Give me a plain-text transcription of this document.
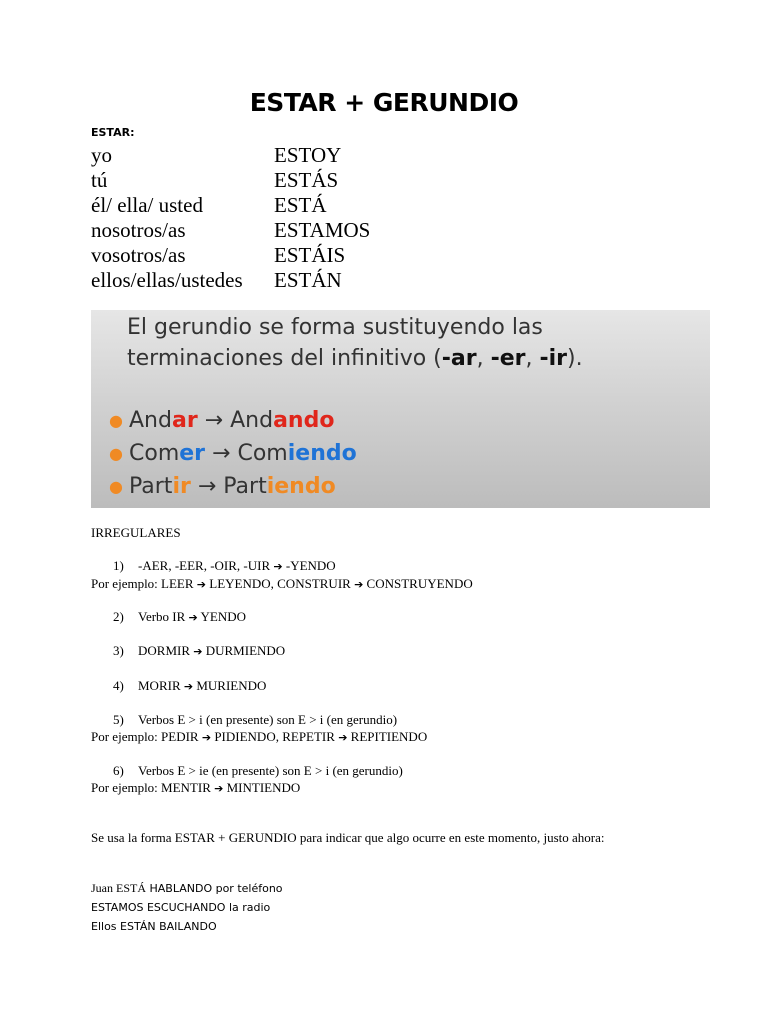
ESTAR + GERUNDIO
ESTAR:
yo	ESTOY
tú	ESTÁS
él/ ella/ usted	ESTÁ
nosotros/as	ESTAMOS
vosotros/as	ESTÁIS
ellos/ellas/ustedes	ESTÁN
El gerundio se forma sustituyendo las
terminaciones del infinitivo (-ar, -er, -ir).
● And ar
→
And ando
● Com er
→
Com iendo
● Part ir
→
Part iendo
IRREGULARES
1) -AER, -EER, -OIR, -UIR ➔ -YENDO
Por ejemplo: LEER ➔ LEYENDO, CONSTRUIR ➔ CONSTRUYENDO
2) Verbo IR ➔ YENDO
3) DORMIR ➔ DURMIENDO
4) MORIR ➔ MURIENDO
5) Verbos E > i (en presente) son E > i (en gerundio)
Por ejemplo: PEDIR ➔ PIDIENDO, REPETIR ➔ REPITIENDO
6) Verbos E > ie (en presente) son E > i (en gerundio)
Por ejemplo: MENTIR ➔ MINTIENDO
Se usa la forma ESTAR + GERUNDIO para indicar que algo ocurre en este momento, justo ahora:
Juan ESTÁ HABLANDO por teléfono
ESTAMOS ESCUCHANDO la radio
Ellos ESTÁN BAILANDO
